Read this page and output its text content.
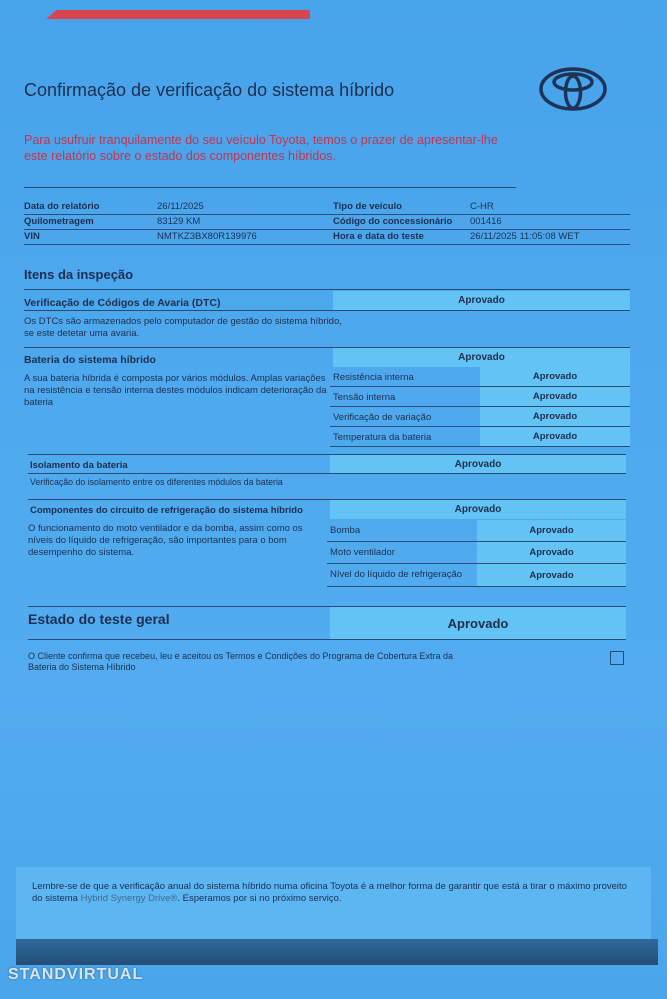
Confirmação de verificação do sistema híbrido
Para usufruir tranquilamente do seu veículo Toyota, temos o prazer de apresentar-lhe este relatório sobre o estado dos componentes híbridos.
Data do relatório	26/11/2025	Tipo de veículo	C-HR
Quilometragem	83129 KM	Código do concessionário 001416
VIN	NMTKZ3BX80R139976	Hora e data do teste	26/11/2025 11:05:08 WET
Itens da inspeção
Verificação de Códigos de Avaria (DTC)	Aprovado
Os DTCs são armazenados pelo computador de gestão do sistema híbrido, se este detetar uma avaria.
Bateria do sistema híbrido	Aprovado
A sua bateria híbrida é composta por vários módulos. Amplas variações na resistência e tensão interna destes módulos indicam deterioração da bateria
Resistência interna	Aprovado
Tensão interna	Aprovado
Verificação de variação	Aprovado
Temperatura da bateria	Aprovado
Isolamento da bateria	Aprovado
Verificação do isolamento entre os diferentes módulos da bateria
Componentes do circuito de refrigeração do sistema híbrido	Aprovado
O funcionamento do moto ventilador e da bomba, assim como os níveis do líquido de refrigeração, são importantes para o bom desempenho do sistema.
Bomba	Aprovado
Moto ventilador	Aprovado
Nível do líquido de refrigeração	Aprovado
Estado do teste geral	Aprovado
O Cliente confirma que recebeu, leu e aceitou os Termos e Condições do Programa de Cobertura Extra da Bateria do Sistema Híbrido
Lembre-se de que a verificação anual do sistema híbrido numa oficina Toyota é a melhor forma de garantir que está a tirar o máximo proveito do sistema Hybrid Synergy Drive®. Esperamos por si no próximo serviço.
STANDVIRTUAL
